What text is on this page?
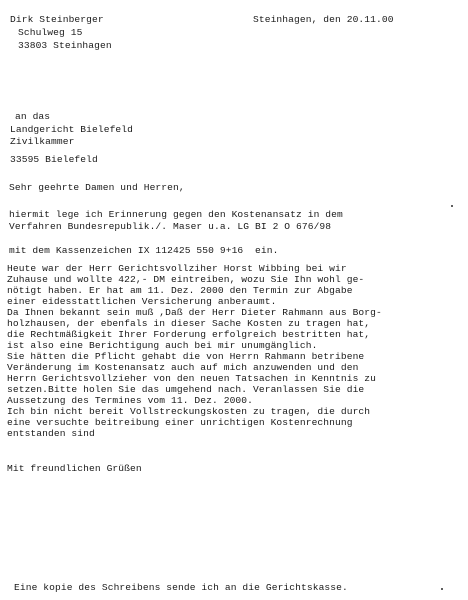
Dirk Steinberger
Schulweg 15
33803 Steinhagen
Steinhagen, den 20.11.00
an das
Landgericht Bielefeld
Zivilkammer
33595 Bielefeld
Sehr geehrte Damen und Herren,
hiermit lege ich Erinnerung gegen den Kostenansatz in dem
Verfahren Bundesrepublik./. Maser u.a. LG BI 2 O 676/98
mit dem Kassenzeichen IX 112425 550 9+16  ein.
Heute war der Herr Gerichtsvollziher Horst Wibbing bei wir
Zuhause und wollte 422,- DM eintreiben, wozu Sie Ihn wohl ge-
nötigt haben. Er hat am 11. Dez. 2000 den Termin zur Abgabe
einer eidesstattlichen Versicherung anberaumt.
Da Ihnen bekannt sein muß ,Daß der Herr Dieter Rahmann aus Borg-
holzhausen, der ebenfals in dieser Sache Kosten zu tragen hat,
die Rechtmäßigkeit Ihrer Forderung erfolgreich bestritten hat,
ist also eine Berichtigung auch bei mir unumgänglich.
Sie hätten die Pflicht gehabt die von Herrn Rahmann betribene
Veränderung im Kostenansatz auch auf mich anzuwenden und den
Herrn Gerichtsvollzieher von den neuen Tatsachen in Kenntnis zu
setzen.Bitte holen Sie das umgehend nach. Veranlassen Sie die
Aussetzung des Termines vom 11. Dez. 2000.
Ich bin nicht bereit Vollstreckungskosten zu tragen, die durch
eine versuchte beitreibung einer unrichtigen Kostenrechnung
entstanden sind
Mit freundlichen Grüßen
Eine kopie des Schreibens sende ich an die Gerichtskasse.
